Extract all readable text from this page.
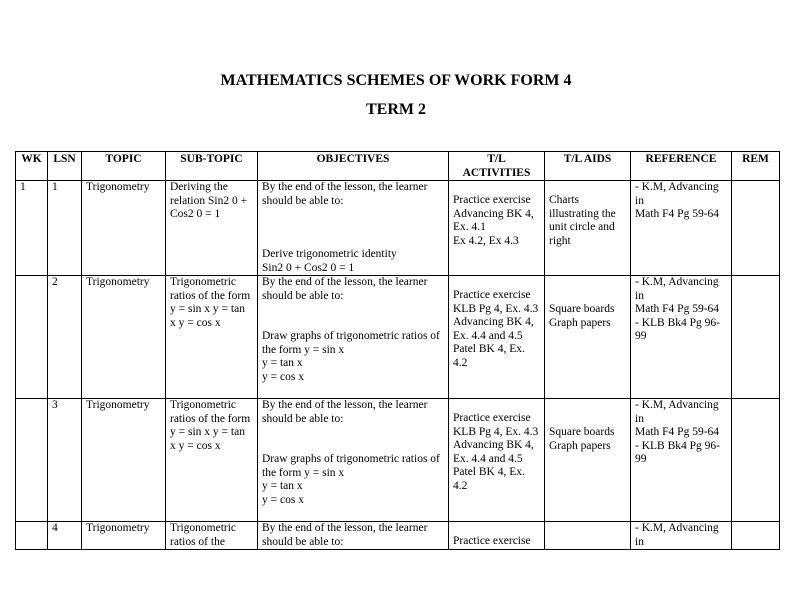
MATHEMATICS SCHEMES OF WORK FORM 4
TERM 2
WK	LSN	TOPIC	SUB-TOPIC	OBJECTIVES	T/L ACTIVITIES	T/L AIDS	REFERENCE	REM
1	1	Trigonometry	Deriving the relation Sin2 0 + Cos2 0 = 1	By the end of the lesson, the learner should be able to:
Derive trigonometric identity
Sin2 0 + Cos2 0 = 1	Practice exercise
Advancing BK 4, Ex. 4.1
Ex 4.2, Ex 4.3	Charts illustrating the unit circle and right	- K.M, Advancing in
Math F4 Pg 59-64	

	2	Trigonometry	Trigonometric ratios of the form y = sin x y = tan x y = cos x	By the end of the lesson, the learner should be able to:
Draw graphs of trigonometric ratios of
the form y = sin x
y = tan x
y = cos x	Practice exercise
KLB Pg 4, Ex. 4.3
Advancing BK 4, Ex. 4.4 and 4.5
Patel BK 4, Ex. 4.2	Square boards Graph papers	- K.M, Advancing in
Math F4 Pg 59-64
- KLB Bk4 Pg 96-99	

	3	Trigonometry	Trigonometric ratios of the form y = sin x y = tan x y = cos x	By the end of the lesson, the learner should be able to:
Draw graphs of trigonometric ratios of
the form y = sin x
y = tan x
y = cos x	Practice exercise
KLB Pg 4, Ex. 4.3
Advancing BK 4, Ex. 4.4 and 4.5
Patel BK 4, Ex. 4.2	Square boards Graph papers	- K.M, Advancing in
Math F4 Pg 59-64
- KLB Bk4 Pg 96-99	

	4	Trigonometry	Trigonometric ratios of the	By the end of the lesson, the learner should be able to:	Practice exercise		- K.M, Advancing in	
